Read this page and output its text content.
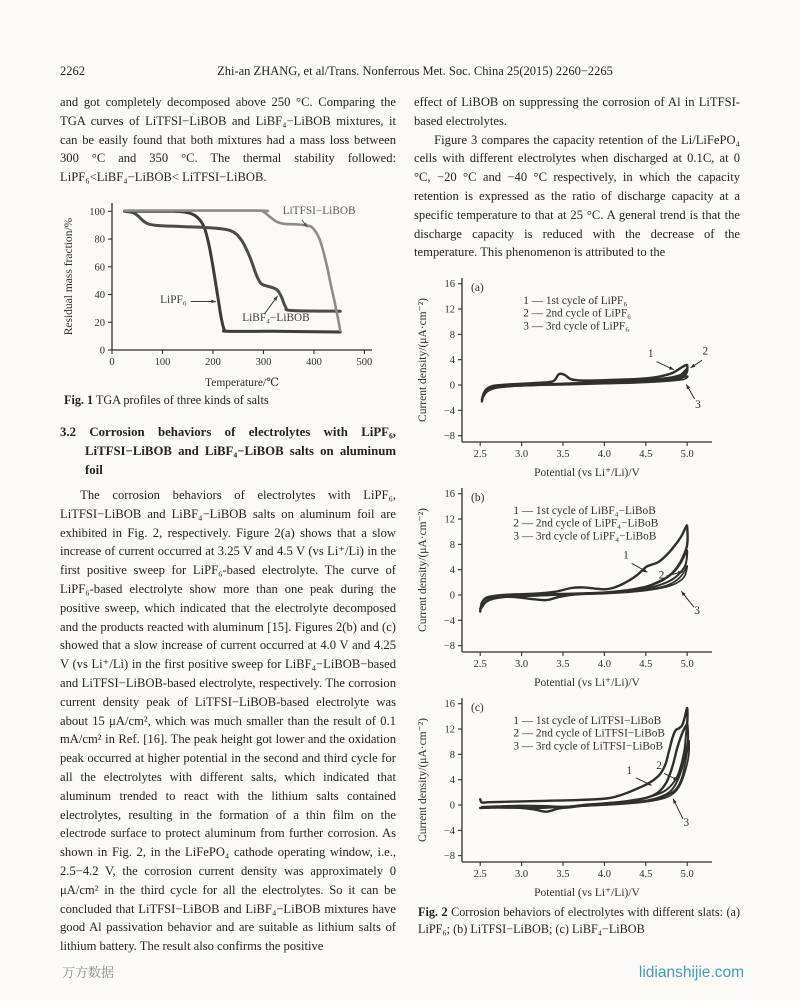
2262	Zhi-an ZHANG, et al/Trans. Nonferrous Met. Soc. China 25(2015) 2260−2265

and got completely decomposed above 250 °C. Comparing the TGA curves of LiTFSI−LiBOB and LiBF₄−LiBOB mixtures, it can be easily found that both mixtures had a mass loss between 300 °C and 350 °C. The thermal stability followed: LiPF₆<LiBF₄−LiBOB< LiTFSI−LiBOB.

0	100	200	300	400	500
0
20
40
60
80
100
Temperature/℃
Residual mass fraction/%	LiPF₆
LiBF₄−LiBOB
LiTFSI−LiBOB
Fig. 1 TGA profiles of three kinds of salts
3.2 Corrosion behaviors of electrolytes with LiPF₆, LiTFSI−LiBOB and LiBF₄−LiBOB salts on aluminum foil

The corrosion behaviors of electrolytes with LiPF₆, LiTFSI−LiBOB and LiBF₄−LiBOB salts on aluminum foil are exhibited in Fig. 2, respectively. Figure 2(a) shows that a slow increase of current occurred at 3.25 V and 4.5 V (vs Li⁺/Li) in the first positive sweep for LiPF₆-based electrolyte. The curve of LiPF₆-based electrolyte show more than one peak during the positive sweep, which indicated that the electrolyte decomposed and the products reacted with aluminum [15]. Figures 2(b) and (c) showed that a slow increase of current occurred at 4.0 V and 4.25 V (vs Li⁺/Li) in the first positive sweep for LiBF₄−LiBOB−based and LiTFSI−LiBOB-based electrolyte, respectively. The corrosion current density peak of LiTFSI−LiBOB-based electrolyte was about 15 μA/cm², which was much smaller than the result of 0.1 mA/cm² in Ref. [16]. The peak height got lower and the oxidation peak occurred at higher potential in the second and third cycle for all the electrolytes with different salts, which indicated that aluminum trended to react with the lithium salts contained electrolytes, resulting in the formation of a thin film on the electrode surface to protect aluminum from further corrosion. As shown in Fig. 2, in the LiFePO₄ cathode operating window, i.e., 2.5−4.2 V, the corrosion current density was approximately 0 μA/cm² in the third cycle for all the electrolytes. So it can be concluded that LiTFSI−LiBOB and LiBF₄−LiBOB mixtures have good Al passivation behavior and are suitable as lithium salts of lithium battery. The result also confirms the positive

effect of LiBOB on suppressing the corrosion of Al in LiTFSI-based electrolytes.

Figure 3 compares the capacity retention of the Li/LiFePO₄ cells with different electrolytes when discharged at 0.1C, at 0 °C, −20 °C and −40 °C respectively, in which the capacity retention is expressed as the ratio of discharge capacity at a specific temperature to that at 25 °C. A general trend is that the discharge capacity is reduced with the decrease of the temperature. This phenomenon is attributed to the

2.5	3.0	3.5	4.0	4.5	5.0
−8
−4
0
4
8
12
16
Potential (vs Li⁺/Li)/V
Current density/(μA·cm⁻²)
(a)
1 — 1st cycle of LiPF₆
2 — 2nd cycle of LiPF₆
3 — 3rd cycle of LiPF₆
1	2
3
2.5	3.0	3.5	4.0	4.5	5.0
−8
−4
0
4
8
12
16
Potential (vs Li⁺/Li)/V
Current density/(μA·cm⁻²)
(b)
1 — 1st cycle of LiBF₄−LiBoB
2 — 2nd cycle of LiPF₄−LiBoB
3 — 3rd cycle of LiPF₄−LiBoB
1
2
3
2.5	3.0	3.5	4.0	4.5	5.0
−8
−4
0
4
8
12
16
Potential (vs Li⁺/Li)/V
Current density/(μA·cm⁻²)
(c)
1 — 1st cycle of LiTFSI−LiBoB
2 — 2nd cycle of LiTFSI−LiBoB
3 — 3rd cycle of LiTFSI−LiBoB
1 2
3
Fig. 2 Corrosion behaviors of electrolytes with different slats: (a) LiPF₆; (b) LiTFSI−LiBOB; (c) LiBF₄−LiBOB
万方数据	lidianshijie.com
